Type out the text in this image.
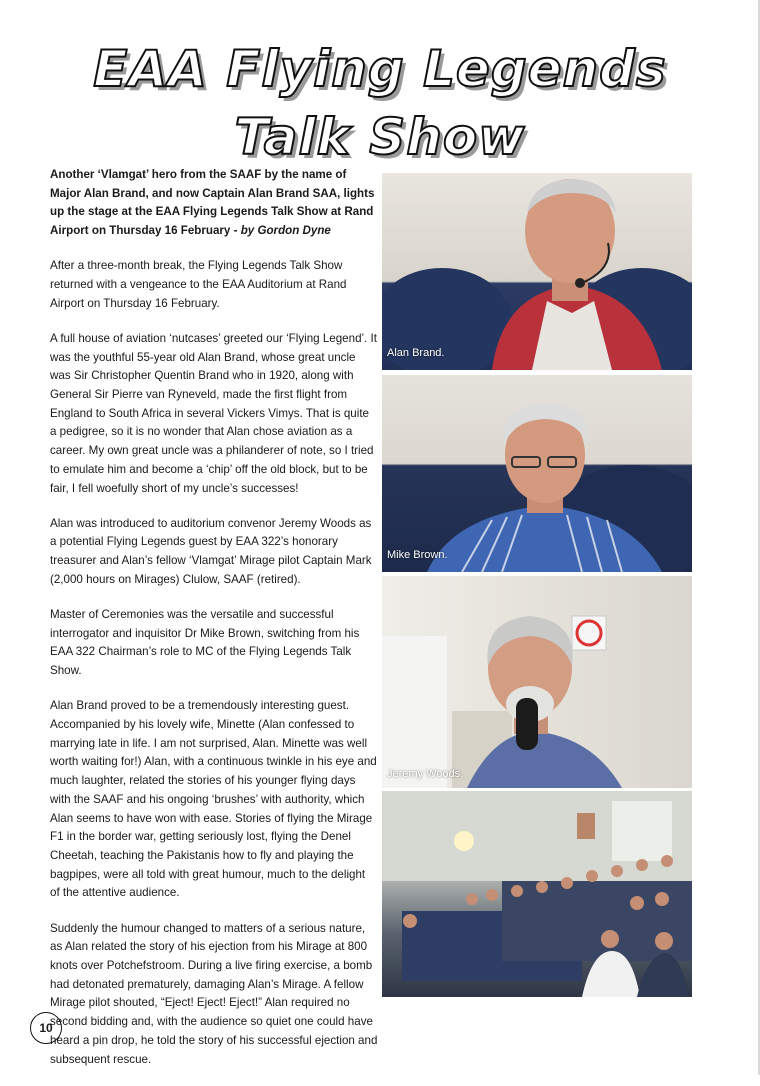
EAA Flying Legends
Talk Show

Another ‘Vlamgat’ hero from the SAAF by the name of Major Alan Brand, and now Captain Alan Brand SAA, lights up the stage at the EAA Flying Legends Talk Show at Rand Airport on Thursday 16 February - by Gordon Dyne

After a three-month break, the Flying Legends Talk Show returned with a vengeance to the EAA Auditorium at Rand Airport on Thursday 16 February.

A full house of aviation ‘nutcases’ greeted our ‘Flying Legend’. It was the youthful 55-year old Alan Brand, whose great uncle was Sir Christopher Quentin Brand who in 1920, along with General Sir Pierre van Ryneveld, made the first flight from England to South Africa in several Vickers Vimys. That is quite a pedigree, so it is no wonder that Alan chose aviation as a career. My own great uncle was a philanderer of note, so I tried to emulate him and become a ‘chip’ off the old block, but to be fair, I fell woefully short of my uncle’s successes!

Alan was introduced to auditorium convenor Jeremy Woods as a potential Flying Legends guest by EAA 322’s honorary treasurer and Alan’s fellow ‘Vlamgat’ Mirage pilot Captain Mark (2,000 hours on Mirages) Clulow, SAAF (retired).

Master of Ceremonies was the versatile and successful interrogator and inquisitor Dr Mike Brown, switching from his EAA 322 Chairman’s role to MC of the Flying Legends Talk Show.

Alan Brand proved to be a tremendously interesting guest. Accompanied by his lovely wife, Minette (Alan confessed to marrying late in life. I am not surprised, Alan. Minette was well worth waiting for!) Alan, with a continuous twinkle in his eye and much laughter, related the stories of his younger flying days with the SAAF and his ongoing ‘brushes’ with authority, which Alan seems to have won with ease. Stories of flying the Mirage F1 in the border war, getting seriously lost, flying the Denel Cheetah, teaching the Pakistanis how to fly and playing the bagpipes, were all told with great humour, much to the delight of the attentive audience.

Suddenly the humour changed to matters of a serious nature, as Alan related the story of his ejection from his Mirage at 800 knots over Potchefstroom. During a live firing exercise, a bomb had detonated prematurely, damaging Alan’s Mirage. A fellow Mirage pilot shouted, “Eject! Eject! Eject!” Alan required no second bidding and, with the audience so quiet one could have heard a pin drop, he told the story of his successful ejection and subsequent rescue.

Alan Brand.
Mike Brown.
Jeremy Woods.
10
